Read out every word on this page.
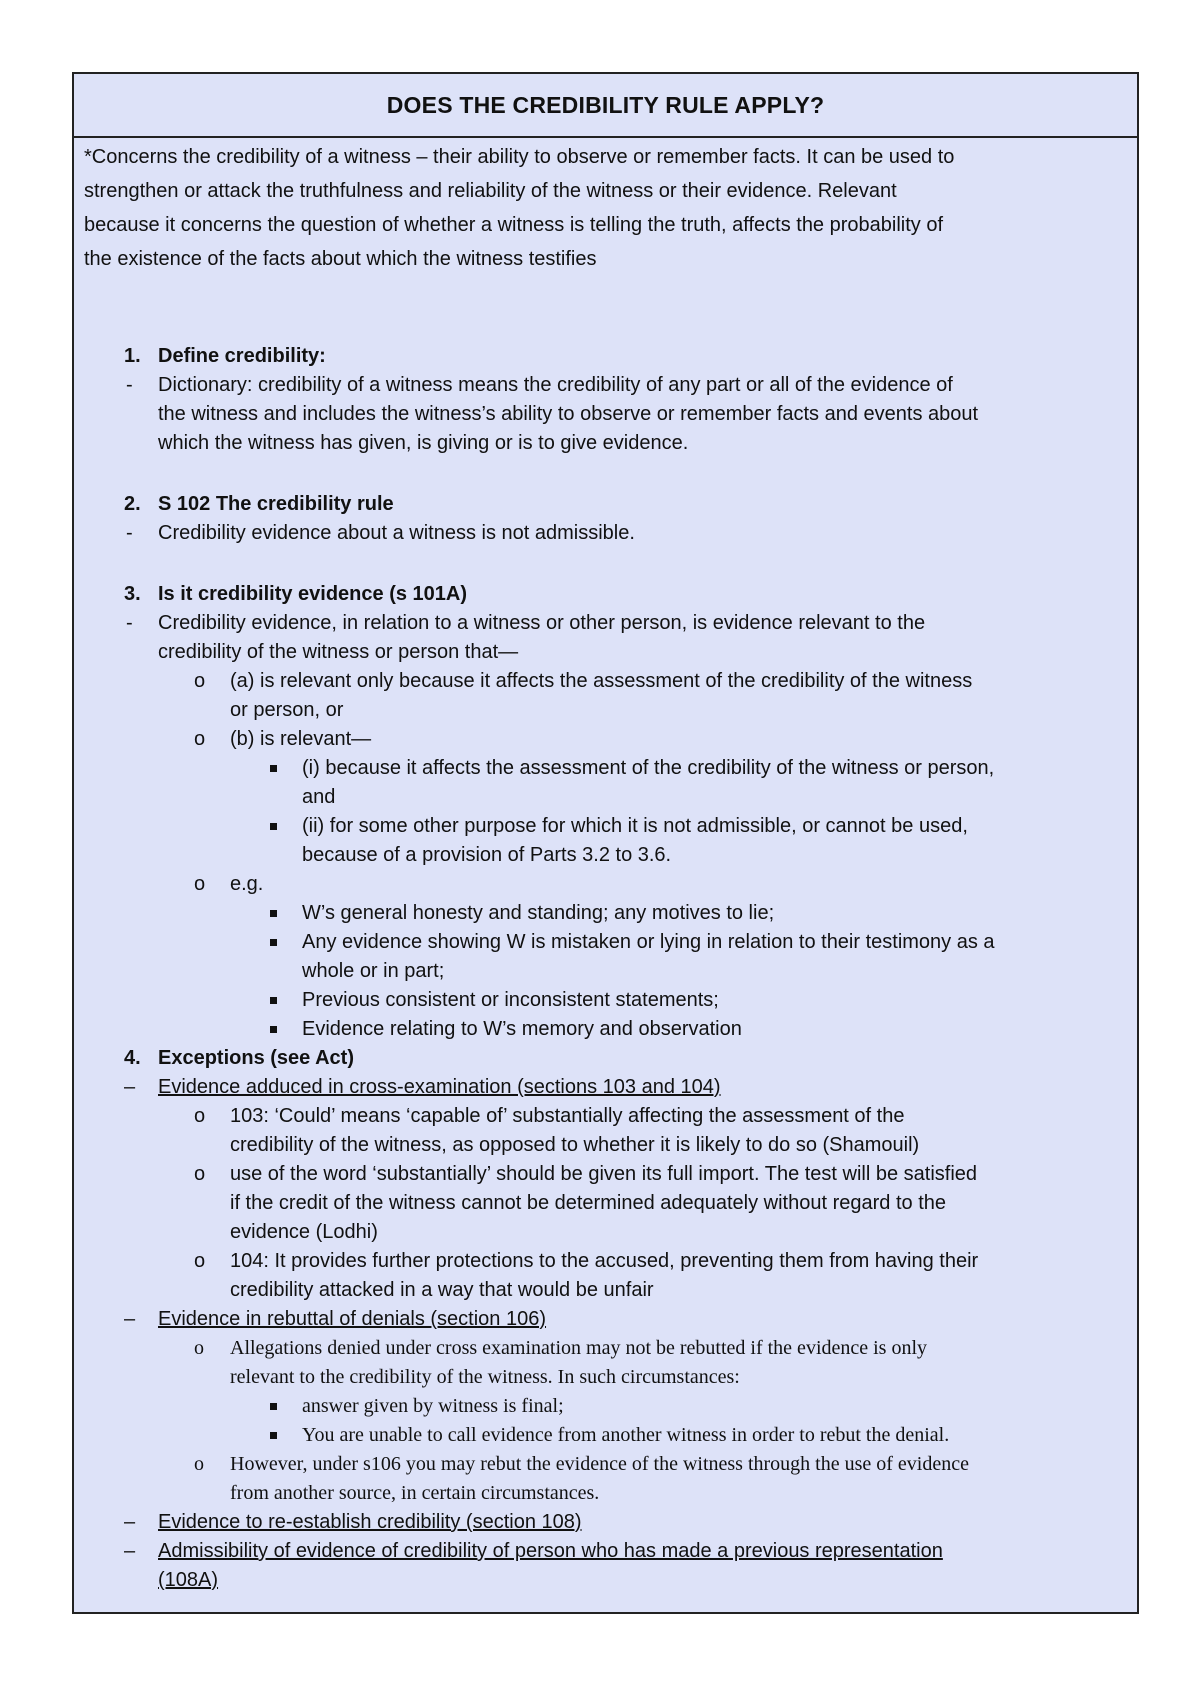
DOES THE CREDIBILITY RULE APPLY?
*Concerns the credibility of a witness – their ability to observe or remember facts. It can be used to
strengthen or attack the truthfulness and reliability of the witness or their evidence. Relevant
because it concerns the question of whether a witness is telling the truth, affects the probability of
the existence of the facts about which the witness testifies
1. Define credibility:
- Dictionary: credibility of a witness means the credibility of any part or all of the evidence of
the witness and includes the witness’s ability to observe or remember facts and events about
which the witness has given, is giving or is to give evidence.
2. S 102 The credibility rule
- Credibility evidence about a witness is not admissible.
3. Is it credibility evidence (s 101A)
- Credibility evidence, in relation to a witness or other person, is evidence relevant to the
credibility of the witness or person that—
o (a) is relevant only because it affects the assessment of the credibility of the witness
or person, or
o (b) is relevant—
(i) because it affects the assessment of the credibility of the witness or person,
and
(ii) for some other purpose for which it is not admissible, or cannot be used,
because of a provision of Parts 3.2 to 3.6.
o e.g.
W’s general honesty and standing; any motives to lie;
Any evidence showing W is mistaken or lying in relation to their testimony as a
whole or in part;
Previous consistent or inconsistent statements;
Evidence relating to W’s memory and observation
4. Exceptions (see Act)
– Evidence adduced in cross-examination (sections 103 and 104)
o 103: ‘Could’ means ‘capable of’ substantially affecting the assessment of the
credibility of the witness, as opposed to whether it is likely to do so (Shamouil)
o use of the word ‘substantially’ should be given its full import. The test will be satisfied
if the credit of the witness cannot be determined adequately without regard to the
evidence (Lodhi)
o 104: It provides further protections to the accused, preventing them from having their
credibility attacked in a way that would be unfair
– Evidence in rebuttal of denials (section 106)
o Allegations denied under cross examination may not be rebutted if the evidence is only
relevant to the credibility of the witness. In such circumstances:
answer given by witness is final;
You are unable to call evidence from another witness in order to rebut the denial.
o However, under s106 you may rebut the evidence of the witness through the use of evidence
from another source, in certain circumstances.
– Evidence to re-establish credibility (section 108)
– Admissibility of evidence of credibility of person who has made a previous representation
(108A)
